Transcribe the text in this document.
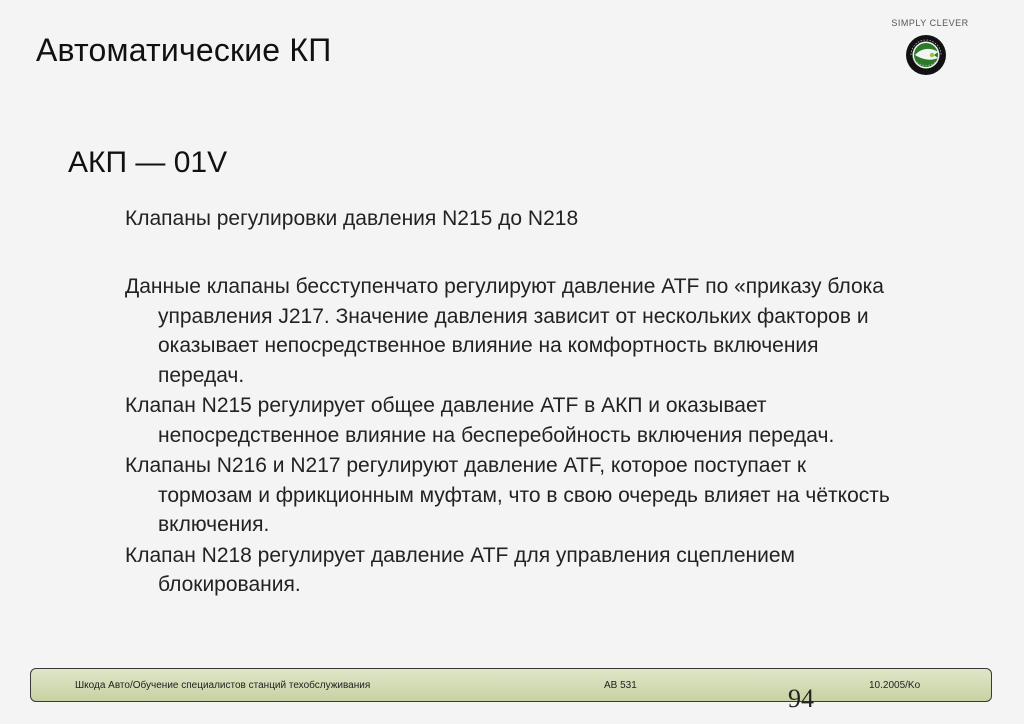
Автоматические КП
SIMPLY CLEVER
АКП — 01V
Клапаны регулировки давления N215 до N218

Данные клапаны бесступенчато регулируют давление ATF по «приказу блока управления J217. Значение давления зависит от нескольких факторов и оказывает непосредственное влияние на комфортность включения передач.

Клапан N215 регулирует общее давление ATF в АКП и оказывает непосредственное влияние на бесперебойность включения передач.

Клапаны N216 и N217 регулируют давление ATF, которое поступает к тормозам и фрикционным муфтам, что в свою очередь влияет на чёткость включения.

Клапан N218 регулирует давление ATF для управления сцеплением блокирования.

Шкода Авто/Обучение специалистов станций техобслуживания	AB 531	10.2005/Ko
94
